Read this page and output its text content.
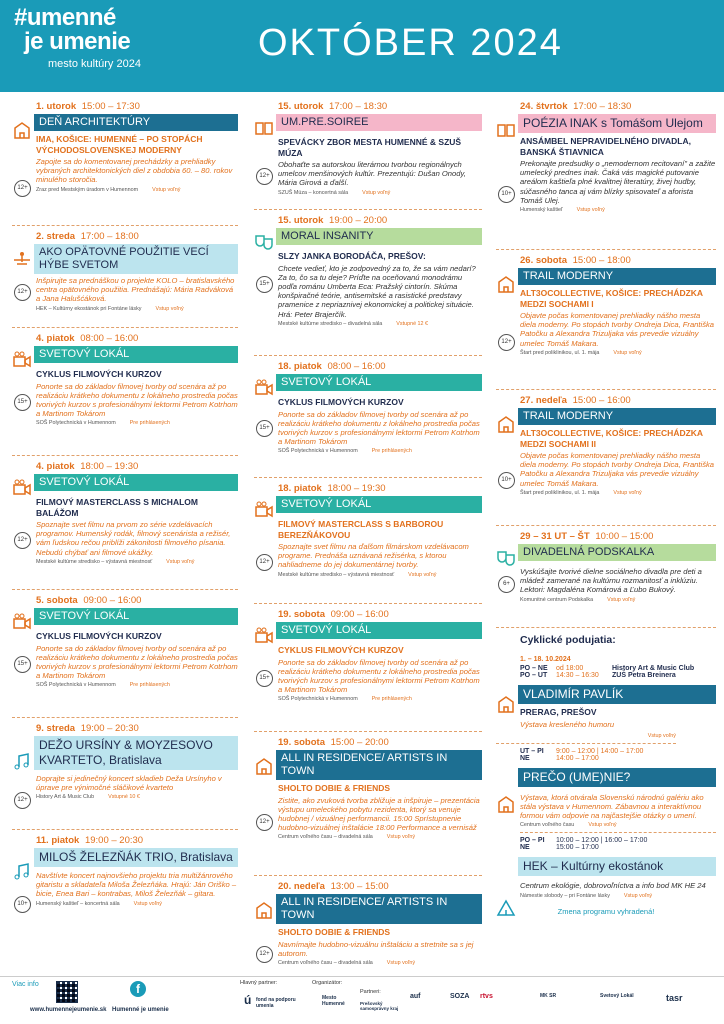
#umenné
je umenie
mesto kultúry 2024	OKTÓBER 2024
1. utorok 15:00 – 17:30
DEŇ ARCHITEKTÚRY
IMA, KOŠICE: HUMENNÉ – PO STOPÁCH VÝCHODOSLOVENSKEJ MODERNY
12+
Zapojte sa do komentovanej prechádzky a prehliadky vybraných architektonických diel z obdobia 60. – 80. rokov minulého storočia.
Zraz pred Mestským úradom v Humennom	Vstup voľný
2. streda 17:00 – 18:00
AKO OPÄTOVNÉ POUŽITIE VECÍ HÝBE SVETOM
12+
Inšpirujte sa prednáškou o projekte KOLO – bratislavského centra opätovného použitia. Prednášajú: Mária Radváková a Jana Halušćáková.
HEK – Kultúrny ekostánok pri Fontáne lásky	Vstup voľný
4. piatok 08:00 – 16:00
SVETOVÝ LOKÁL
CYKLUS FILMOVÝCH KURZOV
15+
Ponorte sa do základov filmovej tvorby od scenára až po realizáciu krátkeho dokumentu z lokálneho prostredia počas tvorivých kurzov s profesionálnymi lektormi Petrom Kotrhom a Martinom Tokárom
SOŠ Polytechnická v Humennom	Pre prihlásených
4. piatok 18:00 – 19:30
SVETOVÝ LOKÁL
FILMOVÝ MASTERCLASS S MICHALOM BALÁŽOM
12+
Spoznajte svet filmu na prvom zo série vzdelávacích programov. Humenský rodák, filmový scenárista a režisér, vám ľudskou rečou priblíži zákonitosti filmového písania. Nebudú chýbať ani filmové ukážky.
Mestské kultúrne stredisko – výstavná miestnosť	Vstup voľný
5. sobota 09:00 – 16:00
SVETOVÝ LOKÁL
CYKLUS FILMOVÝCH KURZOV
15+
Ponorte sa do základov filmovej tvorby od scenára až po realizáciu krátkeho dokumentu z lokálneho prostredia počas tvorivých kurzov s profesionálnymi lektormi Petrom Kotrhom a Martinom Tokárom
SOŠ Polytechnická v Humennom	Pre prihlásených
9. streda 19:00 – 20:30
DEŽO URSÍNY & MOYZESOVO KVARTETO, Bratislava
12+
Doprajte si jedinečný koncert skladieb Deža Ursínyho v úprave pre výnimočné sláčikové kvarteto
History Art & Music Club	Vstupné 10 €
11. piatok 19:00 – 20:30
MILOŠ ŽELEZŇÁK TRIO, Bratislava
10+
Navštívte koncert najnovšieho projektu tria multižánrového gitaristu a skladateľa Miloša Železňáka. Hrajú: Ján Oriško – bicie, Enea Bari – kontrabas, Miloš Železňák – gitara.
Humenský kaštieľ – koncertná sála	Vstup voľný
15. utorok 17:00 – 18:30
UM.PRE.SOIREE
SPEVÁCKY ZBOR MESTA HUMENNÉ & SZUŠ MÚZA
12+
Obohaťte sa autorskou literárnou tvorbou regionálnych umelcov menšinových kultúr. Prezentujú: Dušan Onody, Mária Girová a ďalší.
SZUŠ Múza – koncertná sála	Vstup voľný
15. utorok 19:00 – 20:00
MORAL INSANITY
SLZY JANKA BORODÁČA, PREŠOV:
15+
Chcete vedieť, kto je zodpovedný za to, že sa vám nedarí? Za to, čo sa tu deje? Príďte na oceňovanú monodrámu podľa románu Umberta Eca: Pražský cintorín. Skúma konšpiračné teórie, antisemitské a rasistické predstavy pramenice z nepriaznivej ekonomickej a politickej situácie. Hrá: Peter Brajerčík.
Mestské kultúrne stredisko – divadelná sála	Vstupné 12 €
18. piatok 08:00 – 16:00
SVETOVÝ LOKÁL
CYKLUS FILMOVÝCH KURZOV
15+
Ponorte sa do základov filmovej tvorby od scenára až po realizáciu krátkeho dokumentu z lokálneho prostredia počas tvorivých kurzov s profesionálnymi lektormi Petrom Kotrhom a Martinom Tokárom
SOŠ Polytechnická v Humennom	Pre prihlásených
18. piatok 18:00 – 19:30
SVETOVÝ LOKÁL
FILMOVÝ MASTERCLASS S BARBOROU BEREZŇÁKOVOU
12+
Spoznajte svet filmu na ďalšom filmárskom vzdelávacom programe. Prednáša uznávaná režisérka, s ktorou nahliadneme do jej dokumentárnej tvorby.
Mestské kultúrne stredisko – výstavná miestnosť	Vstup voľný
19. sobota 09:00 – 16:00
SVETOVÝ LOKÁL
CYKLUS FILMOVÝCH KURZOV
15+
Ponorte sa do základov filmovej tvorby od scenára až po realizáciu krátkeho dokumentu z lokálneho prostredia počas tvorivých kurzov s profesionálnymi lektormi Petrom Kotrhom a Martinom Tokárom
SOŠ Polytechnická v Humennom	Pre prihlásených
19. sobota 15:00 – 20:00
ALL IN RESIDENCE/ ARTISTS IN TOWN
SHOLTO DOBIE & FRIENDS
12+
Zistite, ako zvuková tvorba zbližuje a inšpiruje – prezentácia výstupu umeleckého pobytu rezidenta, ktorý sa venuje hudobnej / vizuálnej performancii. 15:00 Sprístupnenie hudobno-vizuálnej inštalácie 18:00 Performance a vernisáž
Centrum voľného času – divadelná sála	Vstup voľný
20. nedeľa 13:00 – 15:00
ALL IN RESIDENCE/ ARTISTS IN TOWN
SHOLTO DOBIE & FRIENDS
12+
Navnímajte hudobno-vizuálnu inštaláciu a stretnite sa s jej autorom.
Centrum voľného času – divadelná sála	Vstup voľný
24. štvrtok 17:00 – 18:30
POÉZIA INAK s Tomášom Ulejom
ANSÁMBEL NEPRAVIDELNÉHO DIVADLA, BANSKÁ ŠTIAVNICA
10+
Prekonajte predsudky o „nemodernom recitovaní" a zažite umelecký prednes inak. Čaká vás magické putovanie areálom kaštieľa plné kvalitnej literatúry, živej hudby, súčasného tanca aj vám blízky spisovateľ a aforista Tomáš Ulej.
Humenský kaštieľ	Vstup voľný
26. sobota 15:00 – 18:00
TRAIL MODERNY
ALT3OCOLLECTIVE, KOŠICE: PRECHÁDZKA MEDZI SOCHAMI I
12+
Objavte počas komentovanej prehliadky nášho mesta diela moderny. Po stopách tvorby Ondreja Dica, Františka Patočku a Alexandra Trizuljaka vás prevedie vizuálny umelec Tomáš Makara.
Štart pred poliklinikou, ul. 1. mája	Vstup voľný
27. nedeľa 15:00 – 16:00
TRAIL MODERNY
ALT3OCOLLECTIVE, KOŠICE: PRECHÁDZKA MEDZI SOCHAMI II
10+
Objavte počas komentovanej prehliadky nášho mesta diela moderny. Po stopách tvorby Ondreja Dica, Františka Patočku a Alexandra Trizuljaka vás prevedie vizuálny umelec Tomáš Makara.
Štart pred poliklinikou, ul. 1. mája	Vstup voľný
29 – 31 UT – ŠT 10:00 – 15:00
DIVADELNÁ PODSKALKA
6+
Vyskúšajte tvorivé dielne sociálneho divadla pre deti a mládež zamerané na kultúrnu rozmanitosť a inklúziu. Lektori: Magdaléna Komárová a Ľubo Bukový.
Komunitné centrum Podskalka	Vstup voľný
Cyklické podujatia:
1. – 18. 10.2024
PO – NE	od 18:00	History Art & Music Club
PO – UT	14:30 – 16:30	ZUŠ Petra Breinera
VLADIMÍR PAVLÍK
PRERAG, PREŠOV
Výstava kresleného humoru
Vstup voľný
UT – PI	9:00 – 12:00 | 14:00 – 17:00
NE	14:00 – 17:00
PREČO (UME)NIE?
Výstava, ktorá otvárala Slovenskú národnú galériu ako stála výstava v Humennom. Zábavnou a interaktívnou formou vám odpovie na najčastejšie otázky o umení.
Centrum voľného času	Vstup voľný
PO – PI	10:00 – 12:00 | 16:00 – 17:00
NE	15:00 – 17:00
HEK – Kultúrny ekostánok
Centrum ekológie, dobrovoľníctva a info bod MK HE 24
Námestie slobody – pri Fontáne lásky	Vstup voľný
Zmena programu vyhradená!
Viac info	f
www.humennejeumenie.sk Humenné je umenie
Hlavný partner:	Organizátor:
Partneri:
ú fond na podporu umenia
Mesto Humenné	Prešovský samosprávny kraj
auf	SOZA rtvs	MK SR	Svetový Lokál	tasr
